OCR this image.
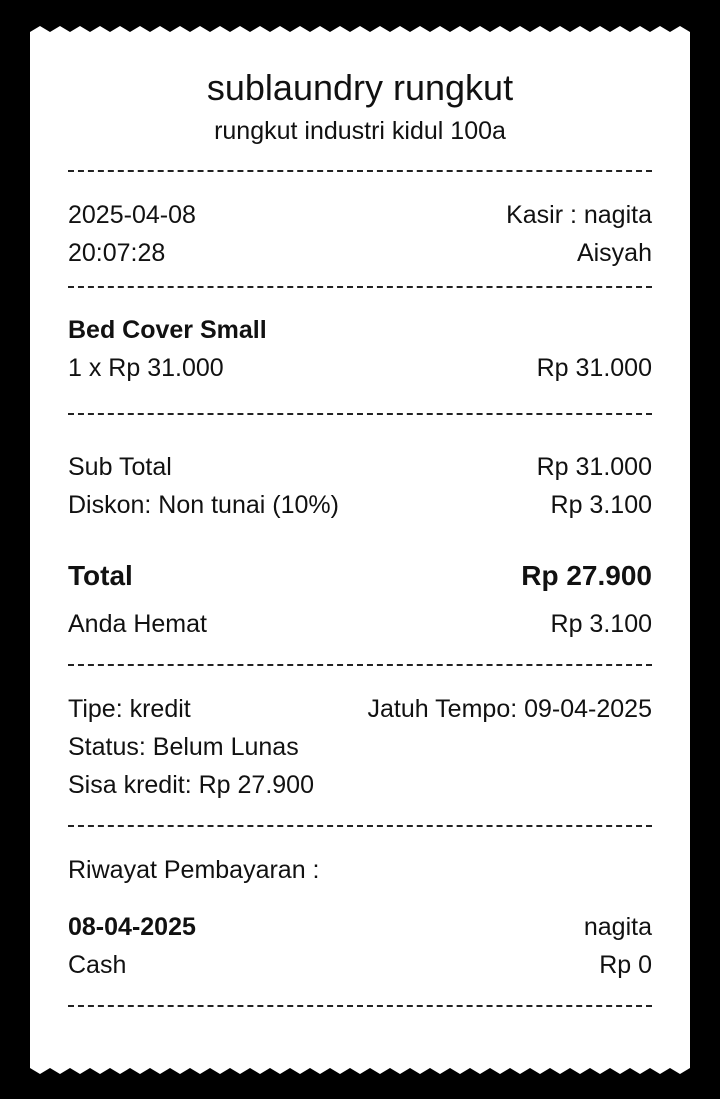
sublaundry rungkut
rungkut industri kidul 100a
2025-04-08	Kasir : nagita
20:07:28	Aisyah
Bed Cover Small
1 x Rp 31.000	Rp 31.000
Sub Total	Rp 31.000
Diskon: Non tunai (10%)	Rp 3.100
Total	Rp 27.900
Anda Hemat	Rp 3.100
Tipe: kredit	Jatuh Tempo: 09-04-2025
Status: Belum Lunas
Sisa kredit: Rp 27.900
Riwayat Pembayaran :
08-04-2025	nagita
Cash	Rp 0
